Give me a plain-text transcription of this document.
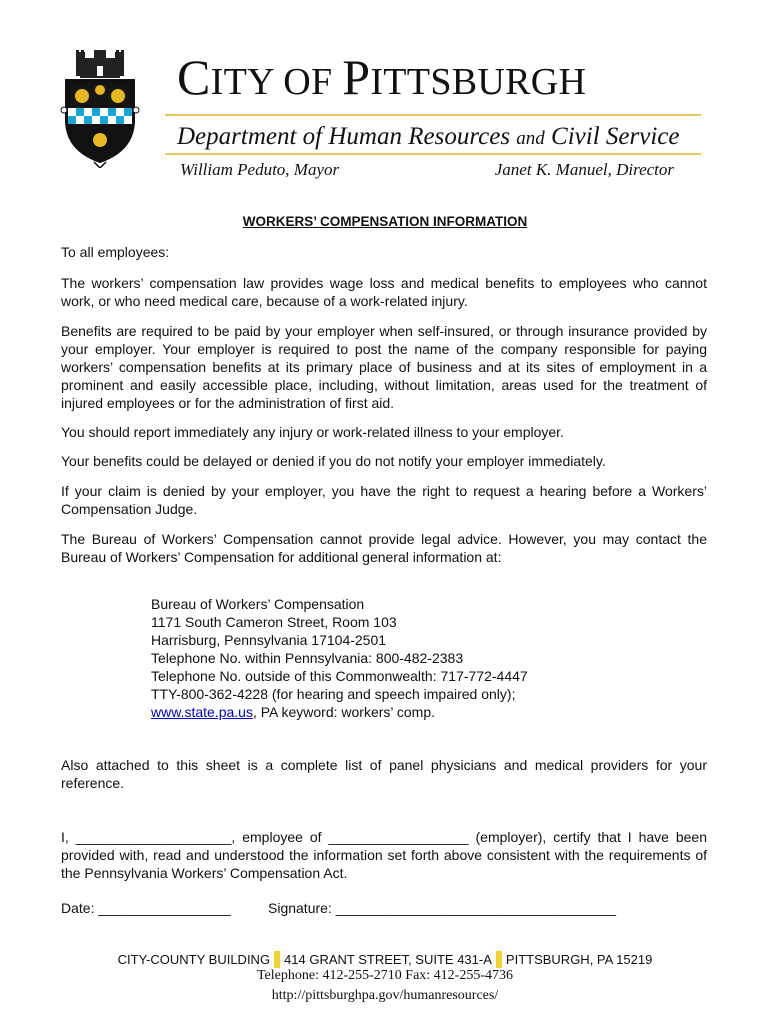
CITY OF PITTSBURGH
Department of Human Resources and Civil Service
William Peduto, Mayor	Janet K. Manuel, Director
WORKERS’ COMPENSATION INFORMATION

To all employees:

The workers’ compensation law provides wage loss and medical benefits to employees who cannot work, or who need medical care, because of a work-related injury.

Benefits are required to be paid by your employer when self-insured, or through insurance provided by your employer. Your employer is required to post the name of the company responsible for paying workers’ compensation benefits at its primary place of business and at its sites of employment in a prominent and easily accessible place, including, without limitation, areas used for the treatment of injured employees or for the administration of first aid.

You should report immediately any injury or work-related illness to your employer.

Your benefits could be delayed or denied if you do not notify your employer immediately.

If your claim is denied by your employer, you have the right to request a hearing before a Workers’ Compensation Judge.

The Bureau of Workers’ Compensation cannot provide legal advice. However, you may contact the Bureau of Workers’ Compensation for additional general information at:

Bureau of Workers’ Compensation
1171 South Cameron Street, Room 103
Harrisburg, Pennsylvania 17104-2501
Telephone No. within Pennsylvania: 800-482-2383
Telephone No. outside of this Commonwealth: 717-772-4447
TTY-800-362-4228 (for hearing and speech impaired only);
www.state.pa.us, PA keyword: workers’ comp.

Also attached to this sheet is a complete list of panel physicians and medical providers for your reference.

I, ____________________, employee of __________________ (employer), certify that I have been provided with, read and understood the information set forth above consistent with the requirements of the Pennsylvania Workers’ Compensation Act.

Date: _________________	Signature: ____________________________________
CITY-COUNTY BUILDING 414 GRANT STREET, SUITE 431-A PITTSBURGH, PA 15219
Telephone: 412-255-2710 Fax: 412-255-4736
http://pittsburghpa.gov/humanresources/
